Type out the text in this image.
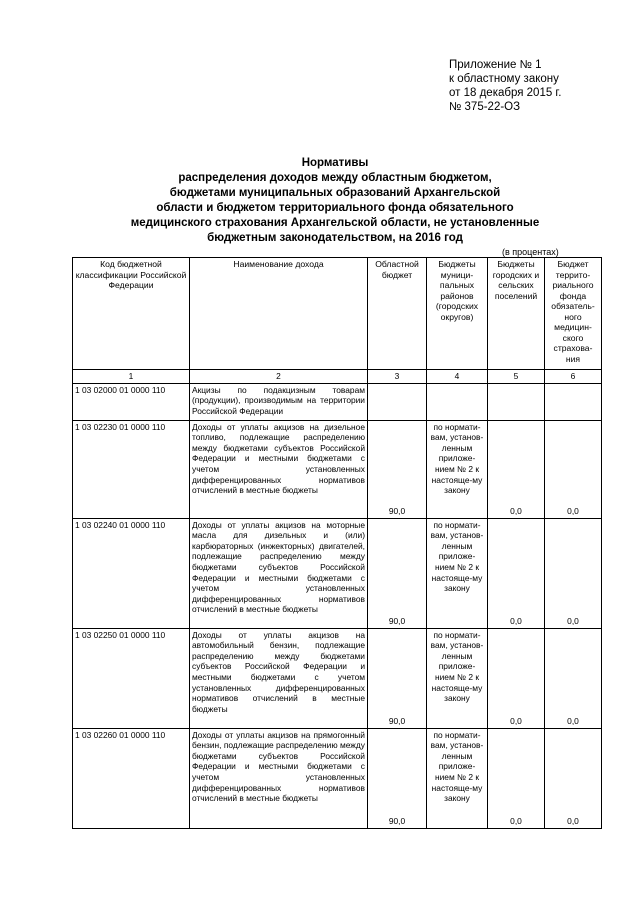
Приложение № 1
к областному закону
от 18 декабря 2015 г.
№ 375-22-ОЗ
Нормативы
распределения доходов между областным бюджетом,
бюджетами муниципальных образований Архангельской
области и бюджетом территориального фонда обязательного
медицинского страхования Архангельской области, не установленные
бюджетным законодательством, на 2016 год
(в процентах)
Код бюджетной классификации Российской Федерации	Наименование дохода	Областной бюджет	Бюджеты муници-пальных районов (городских округов)	Бюджеты городских и сельских поселений	Бюджет террито-риального фонда обязатель-ного медицин-ского страхова-ния
1	2	3	4	5	6
1 03 02000 01 0000 110	Акцизы по подакцизным товарам (продукции), производимым на территории Российской Федерации				
1 03 02230 01 0000 110	Доходы от уплаты акцизов на дизельное топливо, подлежащие распределению между бюджетами субъектов Российской Федерации и местными бюджетами с учетом установленных дифференцированных нормативов отчислений в местные бюджеты	90,0	по нормати-вам, установ-ленным приложе-нием № 2 к настояще-му закону	0,0	0,0
1 03 02240 01 0000 110	Доходы от уплаты акцизов на моторные масла для дизельных и (или) карбюраторных (инжекторных) двигателей, подлежащие распределению между бюджетами субъектов Российской Федерации и местными бюджетами с учетом установленных дифференцированных нормативов отчислений в местные бюджеты	90,0	по нормати-вам, установ-ленным приложе-нием № 2 к настояще-му закону	0,0	0,0
1 03 02250 01 0000 110	Доходы от уплаты акцизов на автомобильный бензин, подлежащие распределению между бюджетами субъектов Российской Федерации и местными бюджетами с учетом установленных дифференцированных нормативов отчислений в местные бюджеты	90,0	по нормати-вам, установ-ленным приложе-нием № 2 к настояще-му закону	0,0	0,0
1 03 02260 01 0000 110	Доходы от уплаты акцизов на прямогонный бензин, подлежащие распределению между бюджетами субъектов Российской Федерации и местными бюджетами с учетом установленных дифференцированных нормативов отчислений в местные бюджеты	90,0	по нормати-вам, установ-ленным приложе-нием № 2 к настояще-му закону	0,0	0,0
